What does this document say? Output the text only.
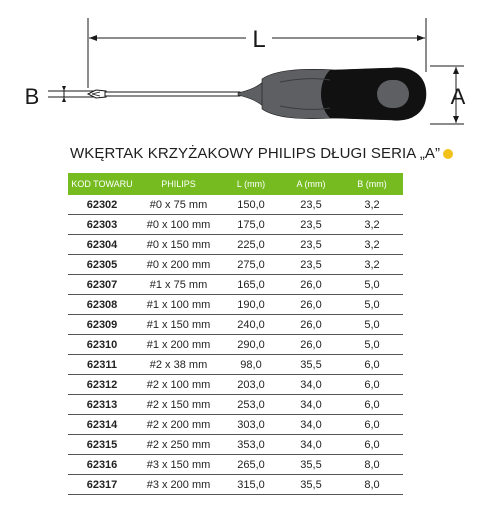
L
B	A
WKĘRTAK KRZYŻAKOWY PHILIPS DŁUGI SERIA „A”
KOD TOWARU	PHILIPS	L (mm)	A (mm)	B (mm)
62302	#0 x 75 mm	150,0	23,5	3,2
62303	#0 x 100 mm	175,0	23,5	3,2
62304	#0 x 150 mm	225,0	23,5	3,2
62305	#0 x 200 mm	275,0	23,5	3,2
62307	#1 x 75 mm	165,0	26,0	5,0
62308	#1 x 100 mm	190,0	26,0	5,0
62309	#1 x 150 mm	240,0	26,0	5,0
62310	#1 x 200 mm	290,0	26,0	5,0
62311	#2 x 38 mm	98,0	35,5	6,0
62312	#2 x 100 mm	203,0	34,0	6,0
62313	#2 x 150 mm	253,0	34,0	6,0
62314	#2 x 200 mm	303,0	34,0	6,0
62315	#2 x 250 mm	353,0	34,0	6,0
62316	#3 x 150 mm	265,0	35,5	8,0
62317	#3 x 200 mm	315,0	35,5	8,0
